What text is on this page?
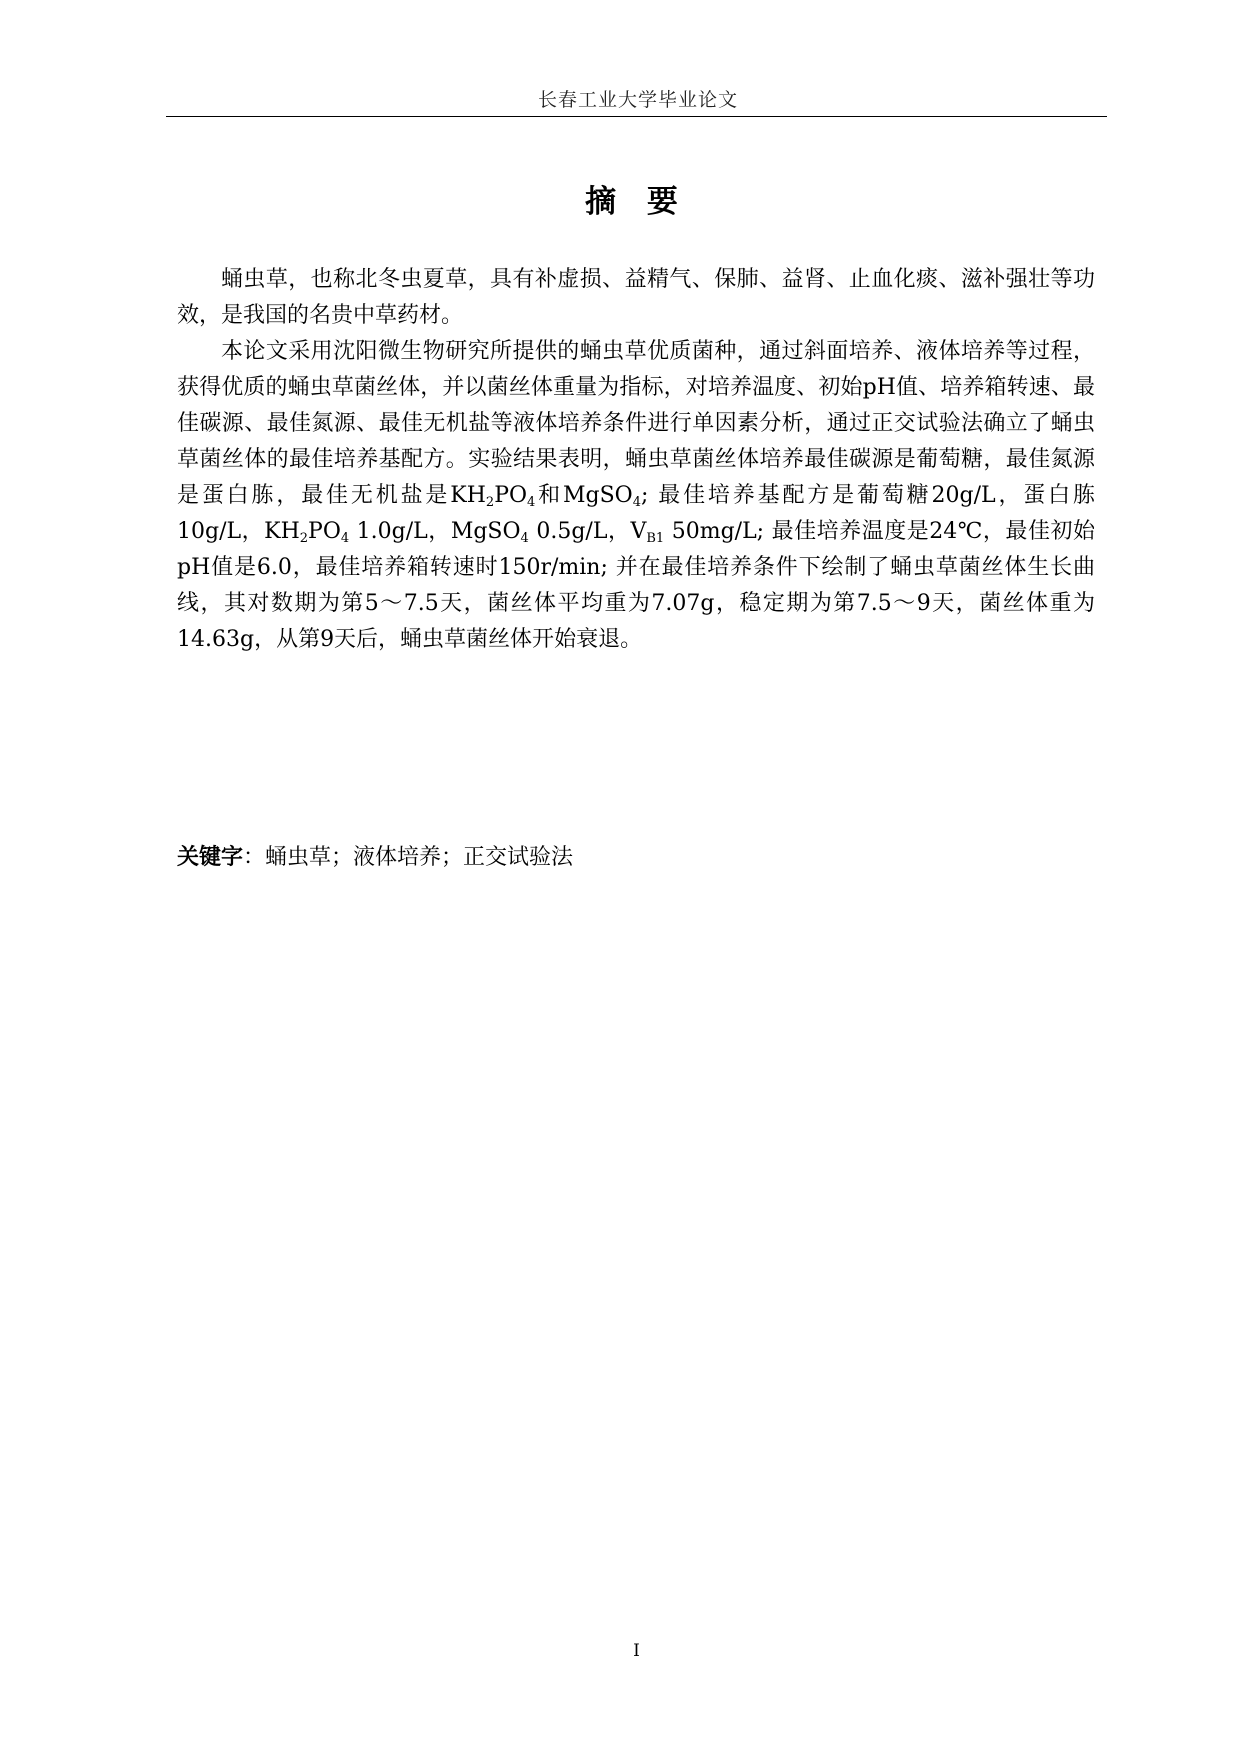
长春工业大学毕业论文
摘 要

蛹虫草，也称北冬虫夏草，具有补虚损、益精气、保肺、益肾、止血化痰、滋补强壮等功效，是我国的名贵中草药材。

本论文采用沈阳微生物研究所提供的蛹虫草优质菌种，通过斜面培养、液体培养等过程，获得优质的蛹虫草菌丝体，并以菌丝体重量为指标，对培养温度、初始pH值、培养箱转速、最佳碳源、最佳氮源、最佳无机盐等液体培养条件进行单因素分析，通过正交试验法确立了蛹虫草菌丝体的最佳培养基配方。实验结果表明，蛹虫草菌丝体培养最佳碳源是葡萄糖，最佳氮源是蛋白胨，最佳无机盐是$KH_2PO_4$和MgSO$_4$; 最佳培养基配方是葡萄糖20g/L，蛋白胨10g/L，$KH_2PO_4$ 1.0g/L，MgSO$_4$ 0.5g/L，$V_{B1}$ 50mg/L; 最佳培养温度是24℃，最佳初始pH值是6.0，最佳培养箱转速时150r/min; 并在最佳培养条件下绘制了蛹虫草菌丝体生长曲线，其对数期为第5～7.5天，菌丝体平均重为7.07g，稳定期为第7.5～9天，菌丝体重为14.63g，从第9天后，蛹虫草菌丝体开始衰退。

关键字：蛹虫草；液体培养；正交试验法
I
